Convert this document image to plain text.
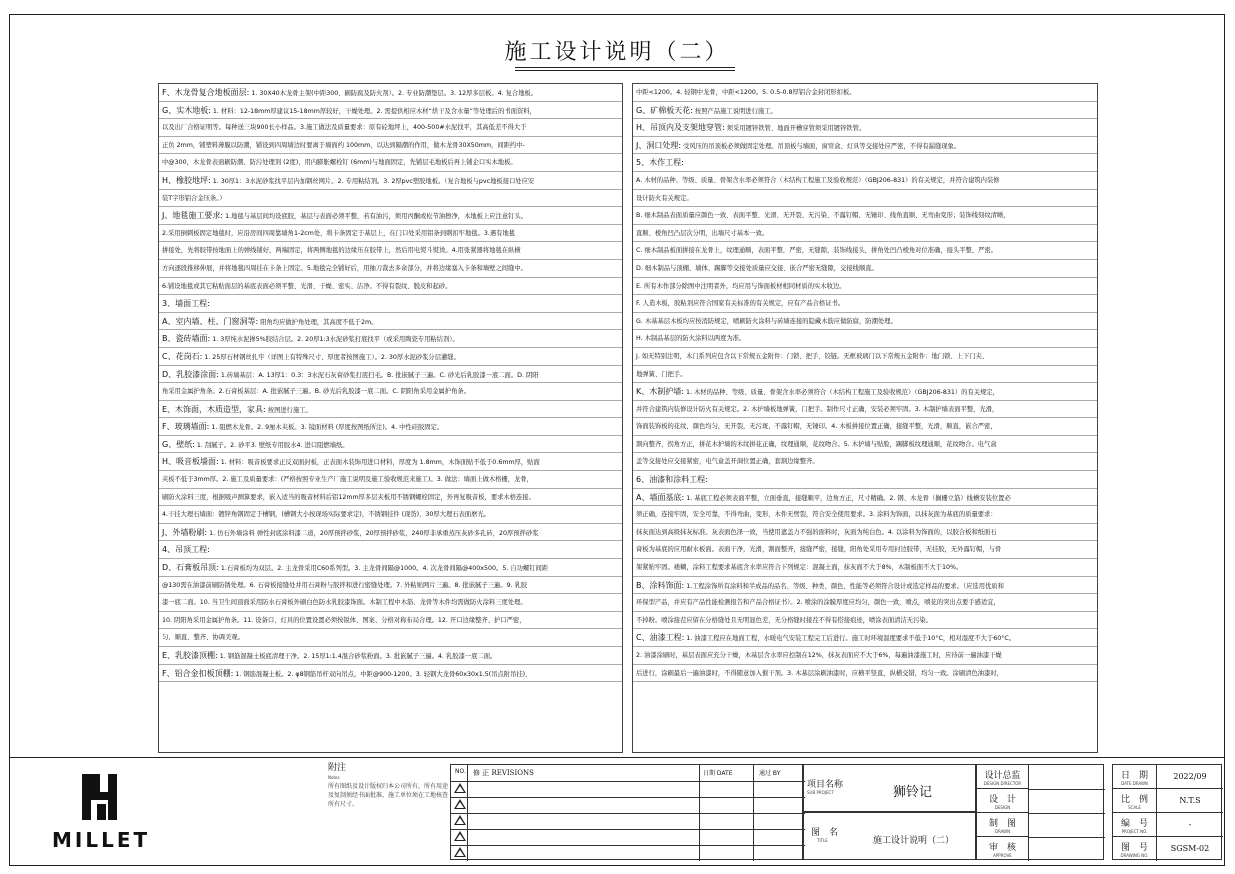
施工设计说明（二）
F、木龙骨复合地板面层: 1. 30X40木龙骨主架(中距300、刷防腐及防火剂）。2. 专业防潮垫层。3. 12厚多层板。4. 复合地板。
G、实木地板: 1. 材料：12-18mm厚建议15-18mm厚较好，干燥处理。2. 需提供相应木材“烘干及含水量”等处理后的书面资料，
以及出厂合格证明等。每种送三块900长小样品。3.施工做法及质量要求：原有砼地坪上，400-500#水泥找平，其高低差不得大于
正负 2mm，铺塑料薄膜以防潮，铺设到四周墙边时要离于墙面约 100mm，以达到隔潮的作用，做木龙骨30X50mm，间距约中-
中@300，木龙骨表面刷防潮、防污处理剂 (2度)，用内膨胀螺栓钉 (6mm)与地面固定，先铺层毛地板后再上铺企口实木地板。
H、橡胶地坪: 1. 30厚1：3水泥砂浆找平层内加钢丝网片。2. 专用粘结剂。3. 2厚pvc塑胶地板。（复合地板与pvc地板接口处应安
装T字形铝合金压条。）
J、地毯施工要求: 1.地毯与基层间均设底胶，基层与表面必须平整，若有油污，须用丙酮或松节油擦净，木地板上应注意钉头。
2.采用倒刺板固定地毯时，应沿房间四周靠墙角1-2cm处，将卡条固定于基层上，在门口处采用铝条到刺扣牢地毯。3.遇有地毯
拼接处，先将胶带按地面上的弹线铺好，两端固定，将两侧地毯的边缘压在胶带上，然后用电熨斗熨烫。4.用张紧器将地毯在纵横
方向逐段推移伸展，并将地毯四周挂在卡条上固定。5.地毯完全铺好后，用抽刀裁去多余部分，并将边缘塞入卡条和墙壁之间缝中。
6.铺设地毯或其它粘贴面层的基底表面必须平整、光滑、干燥、密实、洁净。不得有裂纹、脱皮和起砂。
3、墙面工程:
A、室内墙、柱、门窗洞等: 阳角均应做护角处理，其高度不低于2m。
B、瓷砖墙面: 1. 3厚纯水泥掺5%胶结合层。2. 20厚1:3水泥砂浆打底找平（或采用陶瓷专用粘结剂）。
C、花岗石: 1. 25厚石材钢丝扎牢（详图上有特殊尺寸、厚度者按图施工）。2. 30厚水泥砂浆分层灌缝。
D、乳胶漆涂面: 1.砖墙基层：A. 13厚1：0.3：3水泥石灰膏砂浆打底扫毛。B. 批嵌腻子三遍。C. 砂光后乳胶漆一底二面。D. 阴阳
角采用金属护角条。2.石膏板基层：A. 批嵌腻子三遍。B. 砂光后乳胶漆一底二面。C. 阴阳角采用金属护角条。
E、木饰面，木质造型，家具: 按图进行施工。
F、玻璃墙面: 1. 阻燃木龙骨。2. 9厘木夹板。3. 镜面材料 (厚度按图纸所注)。4. 中性硅胶固定。
G、壁纸: 1. 刮腻子。2. 砂平3. 壁纸专用胶水4. 进口阻燃墙纸。
H、吸音板墙面: 1. 材料：吸音板要求正反双面封板，正表面木装饰用进口材料，厚度为 1.8mm，木饰面贴不低于0.6mm厚，贴面
夹板不低于3mm厚。2. 施工及质量要求：(严格按照专业生产厂施工说明及施工验收规范来施工)。3. 做法：墙面上做木格栅，龙骨，
刷防火涂料三度，根据吸声测算要求，嵌入适当的吸音材料后铝12mm厚多层夹板用不锈钢螺栓固定，外再复吸音板，要求木格连接。
4.干挂大理石墙面：镀锌角钢固定于槽钢，(槽钢大小按现场实际要求定)，不锈钢挂件 (现货)，30厚大理石表面磨光。
J、外墙粉刷: 1. 仿石外墙涂料 弹性封底涂料漆二道，20厚预拌砂浆，20厚预拌砂浆，240厚非承重蒸压灰砂多孔砖，20厚预拌砂浆
4、吊顶工程:
D、石膏板吊顶: 1.石膏板均为双层。2. 主龙骨采用C60系列型。3. 主龙骨间隔@1000。4. 次龙骨间隔@400x500。5. 自功螺钉间距
@130需在油漆前刷防锈处理。6. 石膏板接缝处并用石膏粉与胶拌和进行密缝处理。7. 外粘贴网片三遍。8. 批嵌腻子三遍。9. 乳胶
漆一底二面。10. 当卫生间顶面采用防水石膏板外刷白色防水乳胶漆饰面。木制工程中木筋、龙骨等木件均需做防火涂料三度处理。
10. 阴阳角采用金属护角条。11. 设备口、灯具的位置设置必须按锐体、图案、分格对称布局合理。12. 开口边缘整齐、护口严密，
匀、顺直、整齐、协调美观。
E、乳胶漆顶棚: 1. 钢筋混凝土板底清理干净。2. 15厚1:1.4混合砂浆粉面。3. 批嵌腻子三遍。4. 乳胶漆一底二面。
F、铝合金扣板顶棚: 1. 钢筋混凝土板。2. φ8钢筋吊杆双向吊点，中距@900-1200。3. 轻钢大龙骨60x30x1.5(吊点附吊挂)，
中距<1200。4. 轻钢中龙骨，中距<1200。5. 0.5-0.8厚铝合金封闭形扣板。
G、矿棉板天花: 按照产品施工说明进行施工。
H、吊顶内及支架地穿管: 须采用镀锌铁管、地面开槽穿管须采用镀锌铁管。
J、洞口处理: 受风压的吊顶板必须做固定处理。吊顶板与墙面，窗帘盒、灯具等交接处应严密，不得有漏缝现象。
5、木作工程:
A. 木材的品种、等级、质量、骨架含水率必须符合（木结构工程施工及验收规范）（GBJ206-831）的有关规定，并符合建筑内装修
设计防火有关规定。
B. 细木制品表面质量应颜色一致、表面平整、光滑、无开裂、无污染、不露钉帽、无锤印、线角直顺、无弯曲变形；装饰线刻纹清晰，
直顺、棱角凹凸层次分明，出墙尺寸基本一致。
C. 细木制品板面拼接在龙骨上，纹理通顺，表面平整，严密，无缝隙，装饰线接头，拼角处凹凸棱角对位准确，接头平整，严密。
D. 细木制品与顶棚、墙体、踢脚等交接处质量应交接、嵌合严密无缝隙，交接线顺直。
E. 所有木作部分除图中注明者外，均应用与饰面板材相同材质的实木收边。
F. 人造木板，胶粘剂应符合国家有关标准的有关规定，应有产品合格证书。
G. 木基基层木板均应按消防规定，喷刷防火涂料与砖墙连接的隐藏木筋应做防腐，防潮处理。
H. 木制品基层的防火涂料以两度为准。
J. 如无特别注明，木门系列应包含以下常规五金附件：门锁、把手、铰链。无框玻璃门以下常规五金附件：地门锁、上下门夹、
地弹簧、门把手。
K、木制护墙: 1. 木材的品种、等级、质量、骨架含水率必须符合（木结构工程施工及验收规范）（GBJ206-831）的有关规定，
并符合建筑内装修设计防火有关规定。2. 木护墙板地弹簧，门把手。制作尺寸正确，安装必须牢固。3. 木制护墙表面平整，光滑，
饰面装饰板的花纹，颜色均匀，无开裂，无污斑，不露钉帽，无锤印。4. 木板拼接位置正确，接缝平整，光滑，顺直，嵌合严密，
割向整齐，拐角方正，拼花木护墙的木纹拼花正确，纹理通顺，花纹吻合。5. 木护墙与贴脸，踢脚板纹理通顺，花纹吻合。电气盒
盖等交接处应交接紧密，电气盒盖开洞位置正确，套割边缘整齐。
6、油漆和涂料工程:
A、墙面基底: 1. 基底工程必须表面平整，立面垂直，接缝顺平，边角方正，尺寸精确。2. 钢、木龙骨（搁栅立筋）线槽安装位置必
须正确，连接牢固，安全可靠，不得弯曲，变形，木件无劈裂，符合安全使用要求。3. 涂料为饰面，以抹灰面为基底的质量要求：
抹灰面达到高级抹灰标准。灰表面色泽一致，当使用遮盖力不强的面料时，灰面为纯白色。4. 以涂料为饰面的，以胶合板和纸面石
膏板为基底的应用耐水板面。表面干净，光滑，割面整齐，接缝严密，接缝，阳角处采用专用封边胶带，无挂胶，无外露钉帽，与骨
架紧贴牢固。裱糊，涂料工程要求基底含水率应符合下列规定：混凝土面，抹灰面不大于8%，木制板面不大于10%。
B、涂料饰面: 1.工程涂饰所有涂料和半成品的品名、等级、种类、颜色、性能等必须符合设计或选定样品的要求。（应选用优质和
环保型产品，并应有产品性能检测报告和产品合格证书）。2. 喷涂的涂膜厚度应均匀，颜色一致，喷点，喷花的突出点要手感适宜，
不掉粉。喷涂接茬应留在分格缝处且无明显色差，无分格缝时接茬不得有搭接痕迹，喷涂表面清洁无污染。
C、油漆工程: 1. 油漆工程应在地面工程、水暖电气安装工程完工后进行。施工时环境温度要求不低于10°C，相对湿度不大于60°C。
2. 油漆涂刷时，基层表面应充分干燥，木基层含水率应控制在12%，抹灰表面应不大于6%，每遍油漆施工时，应待前一遍油漆干燥
后进行，涂刷最后一遍油漆时，不得随意加入催干剂。3. 木基层涂刷油漆时，应横平竖直，纵横交错，均匀一致。涂刷清色油漆时，
MILLET
附注
Notes
所有图纸及设计版权归本公司所有，所有用途及复制须经书面批准，施工单位须在工地核查所有尺寸。
NO. 修 正 REVISIONS	日期 DATE	通过 BY
项目名称
SUB PROJECT	狮铃记
图　名
TITLE	施工设计说明（二）
设计总监
DESIGN DIRECTOR
设　计
DESIGN
制　图
DRAWN
审　核
APPROVE
日　期
DATE DRAWN
2022/09
比　例
SCALE
N.T.S
编　号
PROJECT NO.
-
图　号
DRAWING NO.
SGSM-02
